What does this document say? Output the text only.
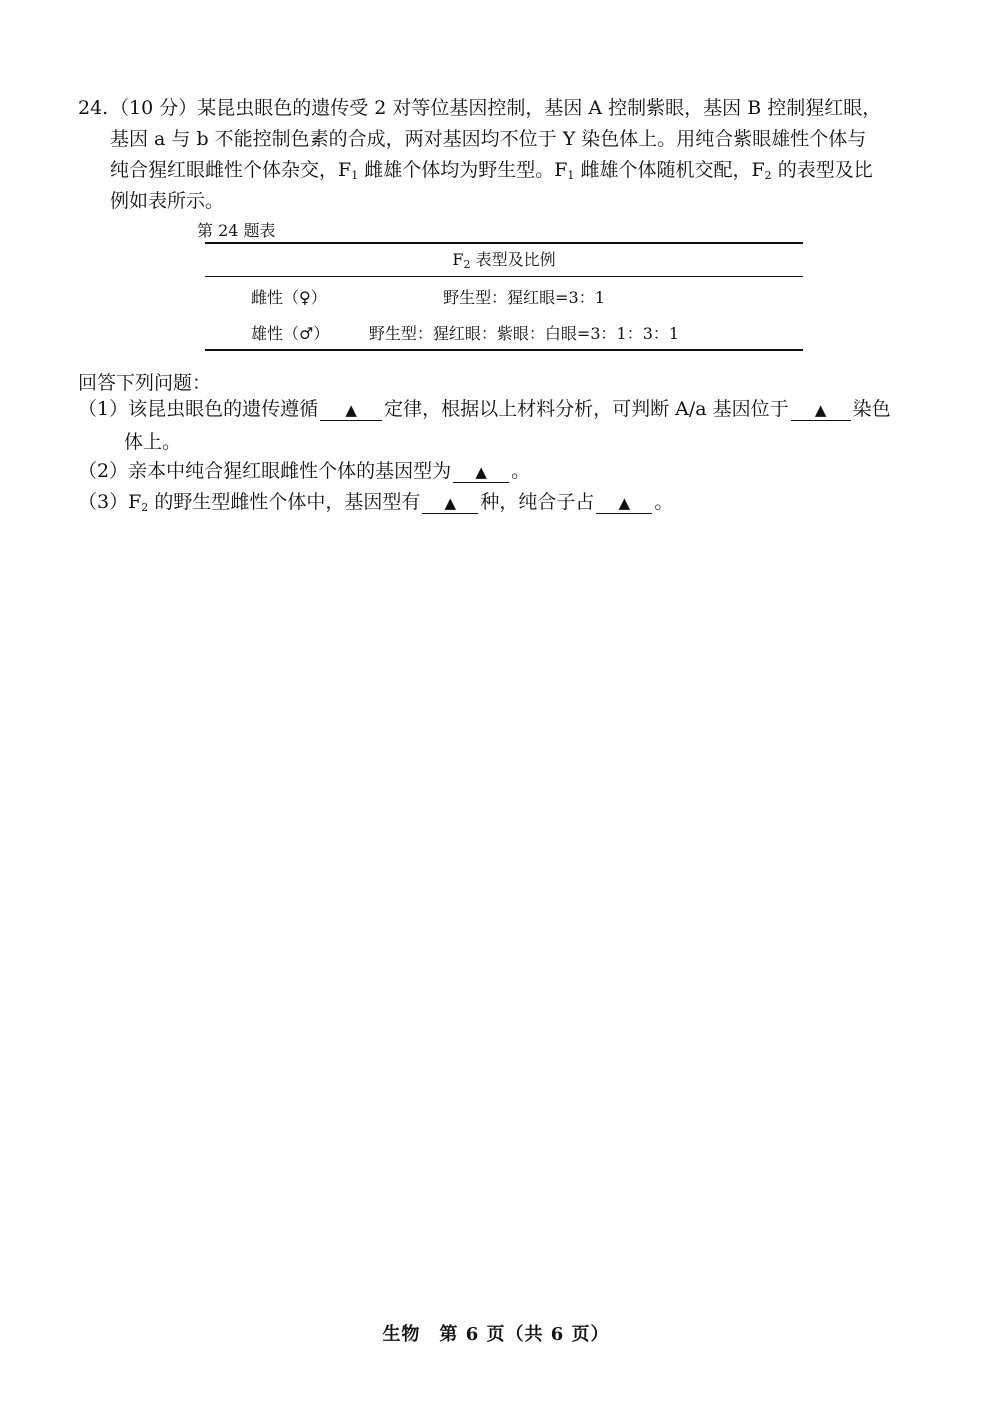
24. （10 分）某昆虫眼色的遗传受 2 对等位基因控制，基因 A 控制紫眼，基因 B 控制猩红眼，
基因 a 与 b 不能控制色素的合成，两对基因均不位于 Y 染色体上。用纯合紫眼雄性个体与
纯合猩红眼雌性个体杂交，$F_1$ 雌雄个体均为野生型。$F_1$ 雌雄个体随机交配，$F_2$ 的表型及比
例如表所示。
第 24 题表
$F_2$ 表型及比例
雌性（♀）	野生型：猩红眼=3：1
雄性（♂）	野生型：猩红眼：紫眼：白眼=3：1：3：1
回答下列问题：
（1）该昆虫眼色的遗传遵循 ▲ 定律，根据以上材料分析，可判断 A/a 基因位于 ▲ 染色
体上。
（2）亲本中纯合猩红眼雌性个体的基因型为 ▲ 。
$(3)F_2$ 的野生型雌性个体中，基因型有 ▲ 种，纯合子占 ▲ 。
生物　第 6 页（共 6 页）
